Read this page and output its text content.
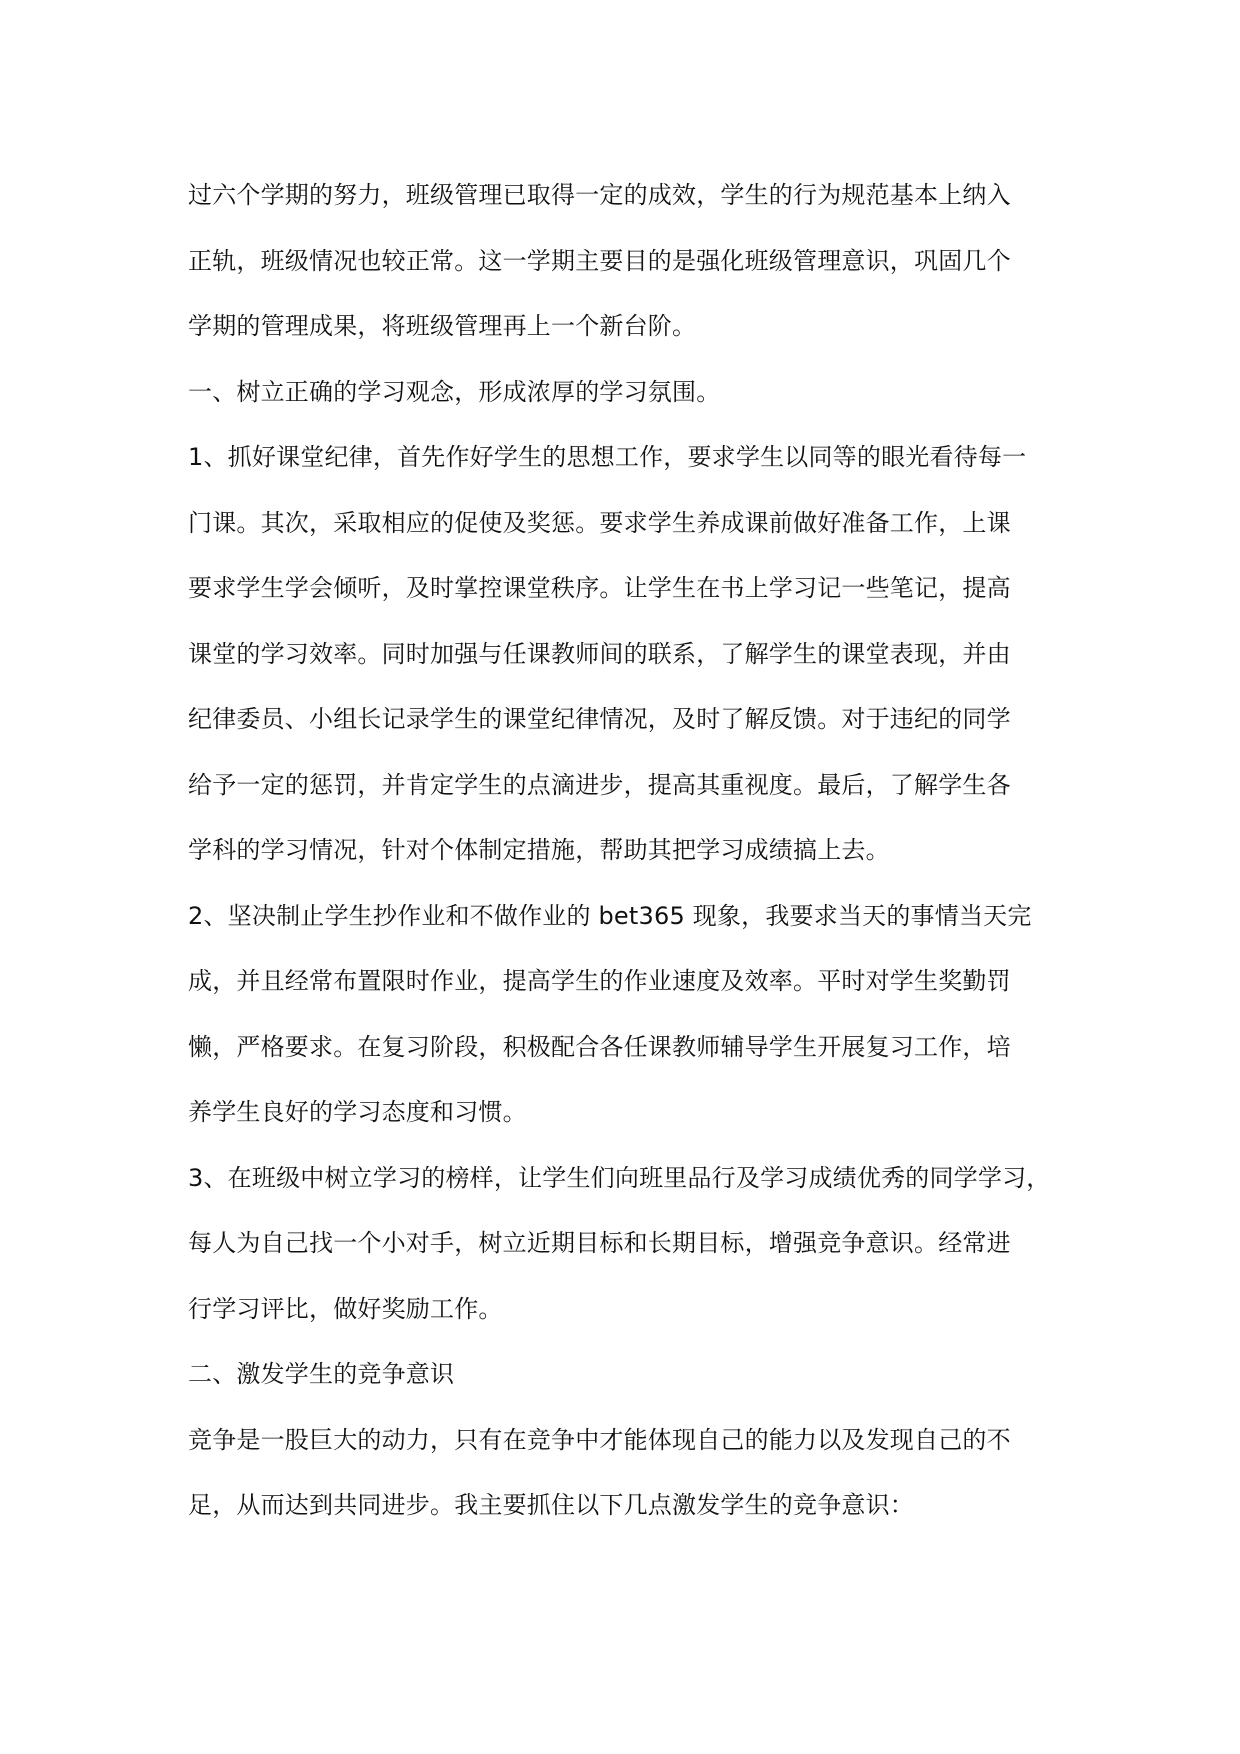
过六个学期的努力，班级管理已取得一定的成效，学生的行为规范基本上纳入
正轨，班级情况也较正常。这一学期主要目的是强化班级管理意识，巩固几个
学期的管理成果，将班级管理再上一个新台阶。
一、树立正确的学习观念，形成浓厚的学习氛围。
1、抓好课堂纪律，首先作好学生的思想工作，要求学生以同等的眼光看待每一
门课。其次，采取相应的促使及奖惩。要求学生养成课前做好准备工作，上课
要求学生学会倾听，及时掌控课堂秩序。让学生在书上学习记一些笔记，提高
课堂的学习效率。同时加强与任课教师间的联系，了解学生的课堂表现，并由
纪律委员、小组长记录学生的课堂纪律情况，及时了解反馈。对于违纪的同学
给予一定的惩罚，并肯定学生的点滴进步，提高其重视度。最后，了解学生各
学科的学习情况，针对个体制定措施，帮助其把学习成绩搞上去。
2、坚决制止学生抄作业和不做作业的 bet365 现象，我要求当天的事情当天完
成，并且经常布置限时作业，提高学生的作业速度及效率。平时对学生奖勤罚
懒，严格要求。在复习阶段，积极配合各任课教师辅导学生开展复习工作，培
养学生良好的学习态度和习惯。
3、在班级中树立学习的榜样，让学生们向班里品行及学习成绩优秀的同学学习，
每人为自己找一个小对手，树立近期目标和长期目标，增强竞争意识。经常进
行学习评比，做好奖励工作。
二、激发学生的竞争意识
竞争是一股巨大的动力，只有在竞争中才能体现自己的能力以及发现自己的不
足，从而达到共同进步。我主要抓住以下几点激发学生的竞争意识：
